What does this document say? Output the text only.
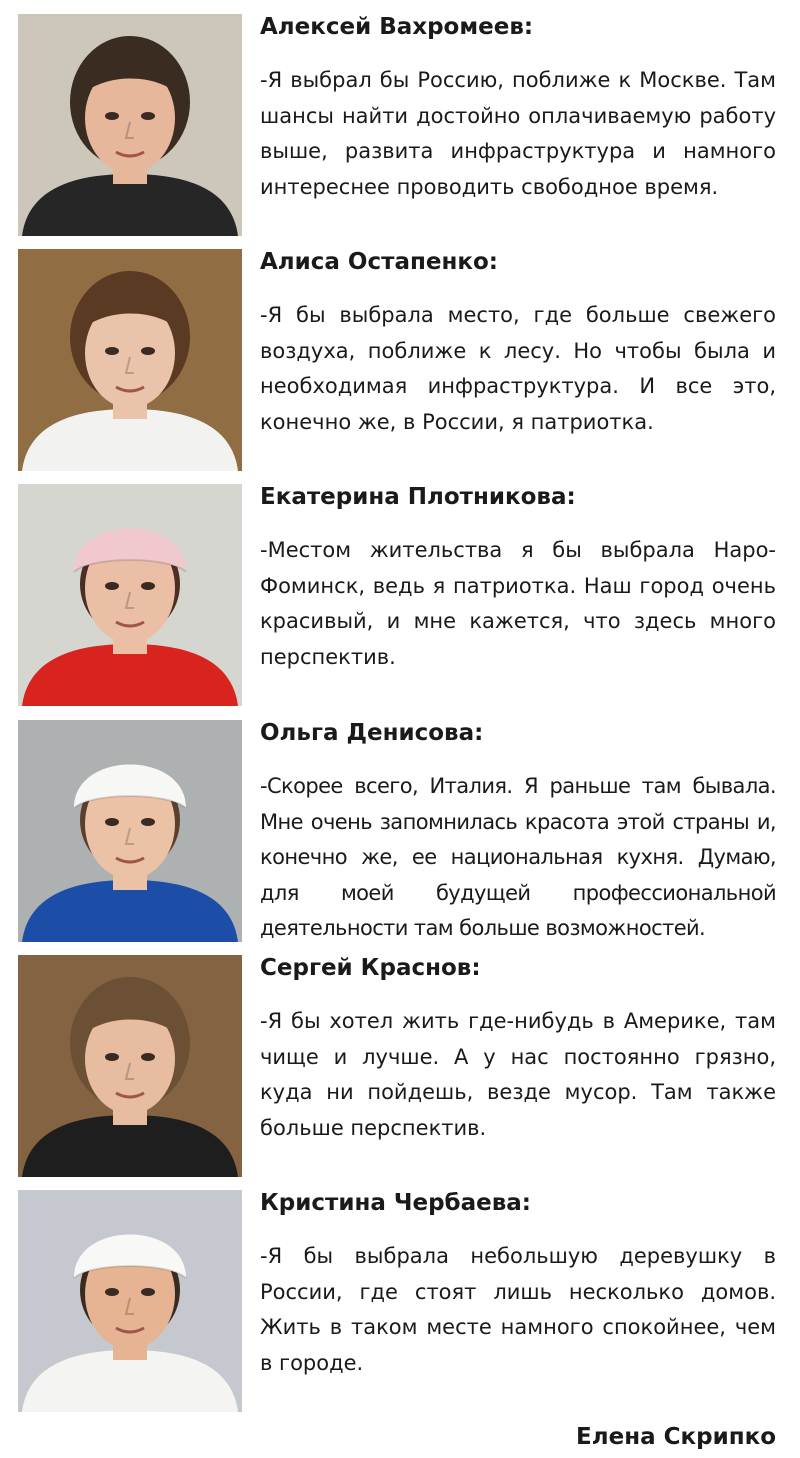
Алексей Вахромеев:

-Я выбрал бы Россию, поближе к Москве. Там шансы найти достойно оплачиваемую работу выше, развита инфраструктура и намного интереснее проводить свободное время.

Алиса Остапенко:

-Я бы выбрала место, где больше свежего воздуха, поближе к лесу. Но чтобы была и необходимая инфраструктура. И все это, конечно же, в России, я патриотка.

Екатерина Плотникова:

-Местом жительства я бы выбрала Наро-Фоминск, ведь я патриотка. Наш город очень красивый, и мне кажется, что здесь много перспектив.

Ольга Денисова:

-Скорее всего, Италия. Я раньше там бывала. Мне очень запомнилась красота этой страны и, конечно же, ее национальная кухня. Думаю, для моей будущей профессиональной деятельности там больше возможностей.

Сергей Краснов:

-Я бы хотел жить где-нибудь в Америке, там чище и лучше. А у нас постоянно грязно, куда ни пойдешь, везде мусор. Там также больше перспектив.

Кристина Чербаева:

-Я бы выбрала небольшую деревушку в России, где стоят лишь несколько домов. Жить в таком месте намного спокойнее, чем в городе.

Елена Скрипко
